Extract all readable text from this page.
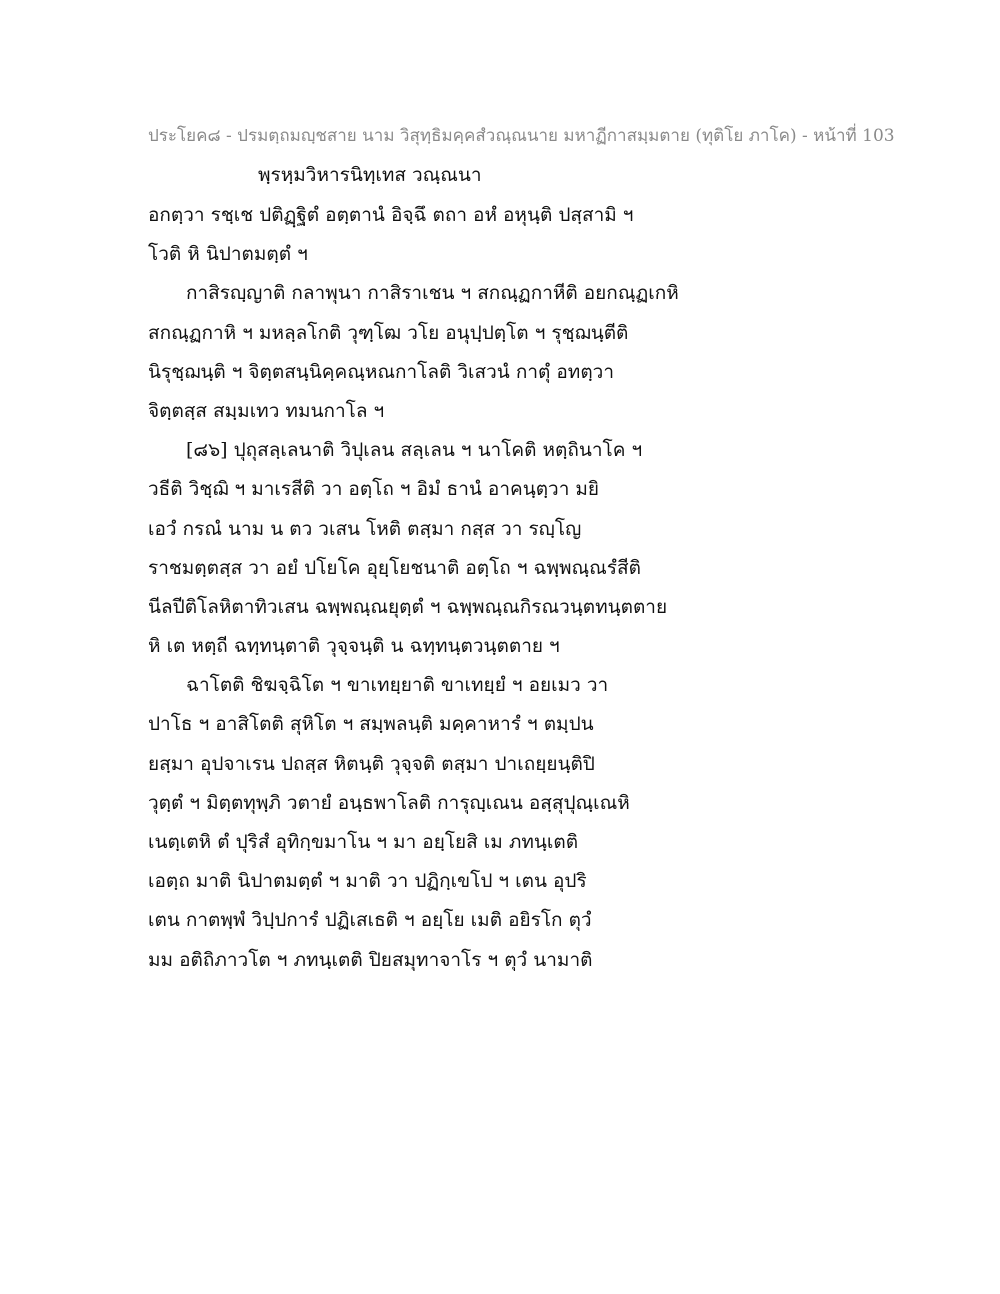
ประโยค๘ - ปรมตฺถมญฺชสาย นาม วิสุทฺธิมคฺคสํวณฺณนาย มหาฏีกาสมฺมตาย (ทุติโย ภาโค) - หน้าที่ 103
พฺรหฺมวิหารนิทฺเทส วณฺณนา
อกตฺวา รชฺเช ปติฏฺฐิตํ อตฺตานํ อิจฺฉึ ตถา อหํ อหุนฺติ ปสฺสามิ ฯ
โวติ หิ นิปาตมตฺตํ ฯ
กาสิรญฺญาติ กลาพุนา กาสิราเชน ฯ สกณฺฏกาหีติ อยกณฺฏเกหิ
สกณฺฏกาหิ ฯ มหลฺลโกติ วุฑฺโฒ วโย อนุปฺปตฺโต ฯ รุชฺฌนฺตีติ
นิรุชฺฌนฺติ ฯ จิตฺตสนฺนิคฺคณฺหณกาโลติ วิเสวนํ กาตุํ อทตฺวา
จิตฺตสฺส สมฺมเทว ทมนกาโล ฯ
[๘๖] ปุถุสลฺเลนาติ วิปุเลน สลฺเลน ฯ นาโคติ หตฺถินาโค ฯ
วธีติ วิชฺฌิ ฯ มาเรสีติ วา อตฺโถ ฯ อิมํ ธานํ อาคนฺตฺวา มยิ
เอวํ กรณํ นาม น ตว วเสน โหติ ตสฺมา กสฺส วา รญฺโญ
ราชมตฺตสฺส วา อยํ ปโยโค อุยฺโยชนาติ อตฺโถ ฯ ฉพฺพณฺณรํสีติ
นีลปีติโลหิตาทิวเสน ฉพฺพณฺณยุตฺตํ ฯ ฉพฺพณฺณกิรณวนฺตทนฺตตาย
หิ เต หตฺถี ฉทฺทนฺตาติ วุจฺจนฺติ น ฉทฺทนฺตวนฺตตาย ฯ
ฉาโตติ ชิฆจฺฉิโต ฯ ขาเทยฺยาติ ขาเทยฺยํ ฯ อยเมว วา
ปาโธ ฯ อาสิโตติ สุหิโต ฯ สมฺพลนฺติ มคฺคาหารํ ฯ ตมฺปน
ยสฺมา อุปจาเรน ปถสฺส หิตนฺติ วุจฺจติ ตสฺมา ปาเถยฺยนฺติปิ
วุตฺตํ ฯ มิตฺตทุพฺภิ วตายํ อนฺธพาโลติ การุญฺเณน อสฺสุปุณฺเณหิ
เนตฺเตหิ ตํ ปุริสํ อุทิกฺขมาโน ฯ มา อยฺโยสิ เม ภทนฺเตติ
เอตฺถ มาติ นิปาตมตฺตํ ฯ มาติ วา ปฏิกฺเขโป ฯ เตน อุปริ
เตน กาตพฺพํ วิปฺปการํ ปฏิเสเธติ ฯ อยฺโย เมติ อยิรโก ตุวํ
มม อติถิภาวโต ฯ ภทนฺเตติ ปิยสมุทาจาโร ฯ ตุวํ นามาติ
